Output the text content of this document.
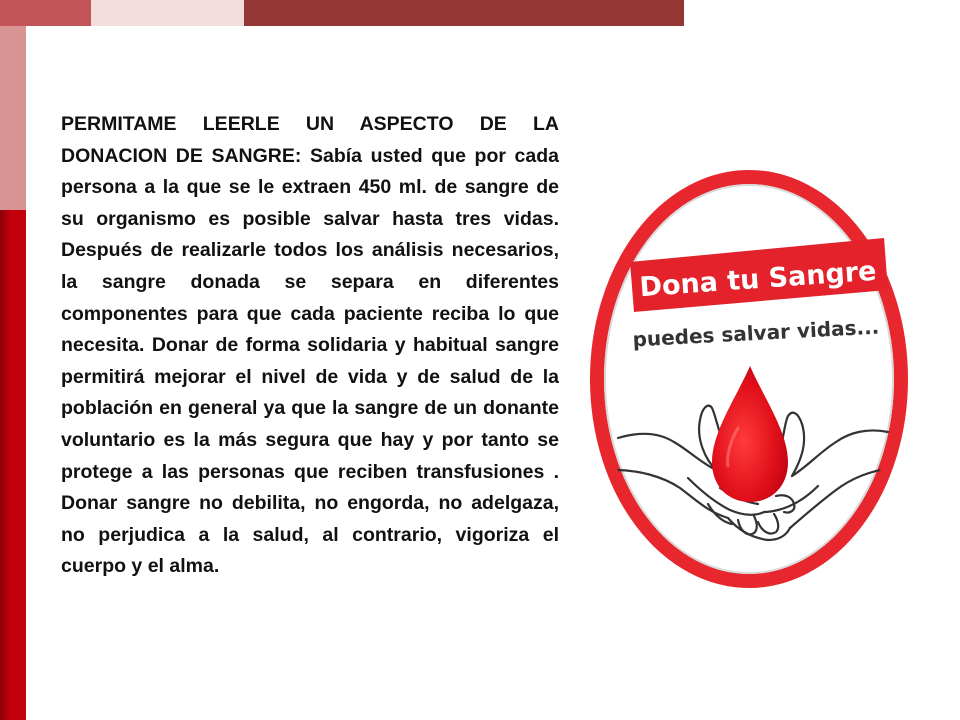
PERMITAME LEERLE UN ASPECTO DE LA DONACION DE SANGRE: Sabía usted que por cada persona a la que se le extraen 450 ml. de sangre de su organismo es posible salvar hasta tres vidas. Después de realizarle todos los análisis necesarios, la sangre donada se separa en diferentes componentes para que cada paciente reciba lo que necesita. Donar de forma solidaria y habitual sangre permitirá mejorar el nivel de vida y de salud de la población en general ya que la sangre de un donante voluntario es la más segura que hay y por tanto se protege a las personas que reciben transfusiones . Donar sangre no debilita, no engorda, no adelgaza, no perjudica a la salud, al contrario, vigoriza el cuerpo y el alma.

Dona tu Sangre
puedes salvar vidas...
